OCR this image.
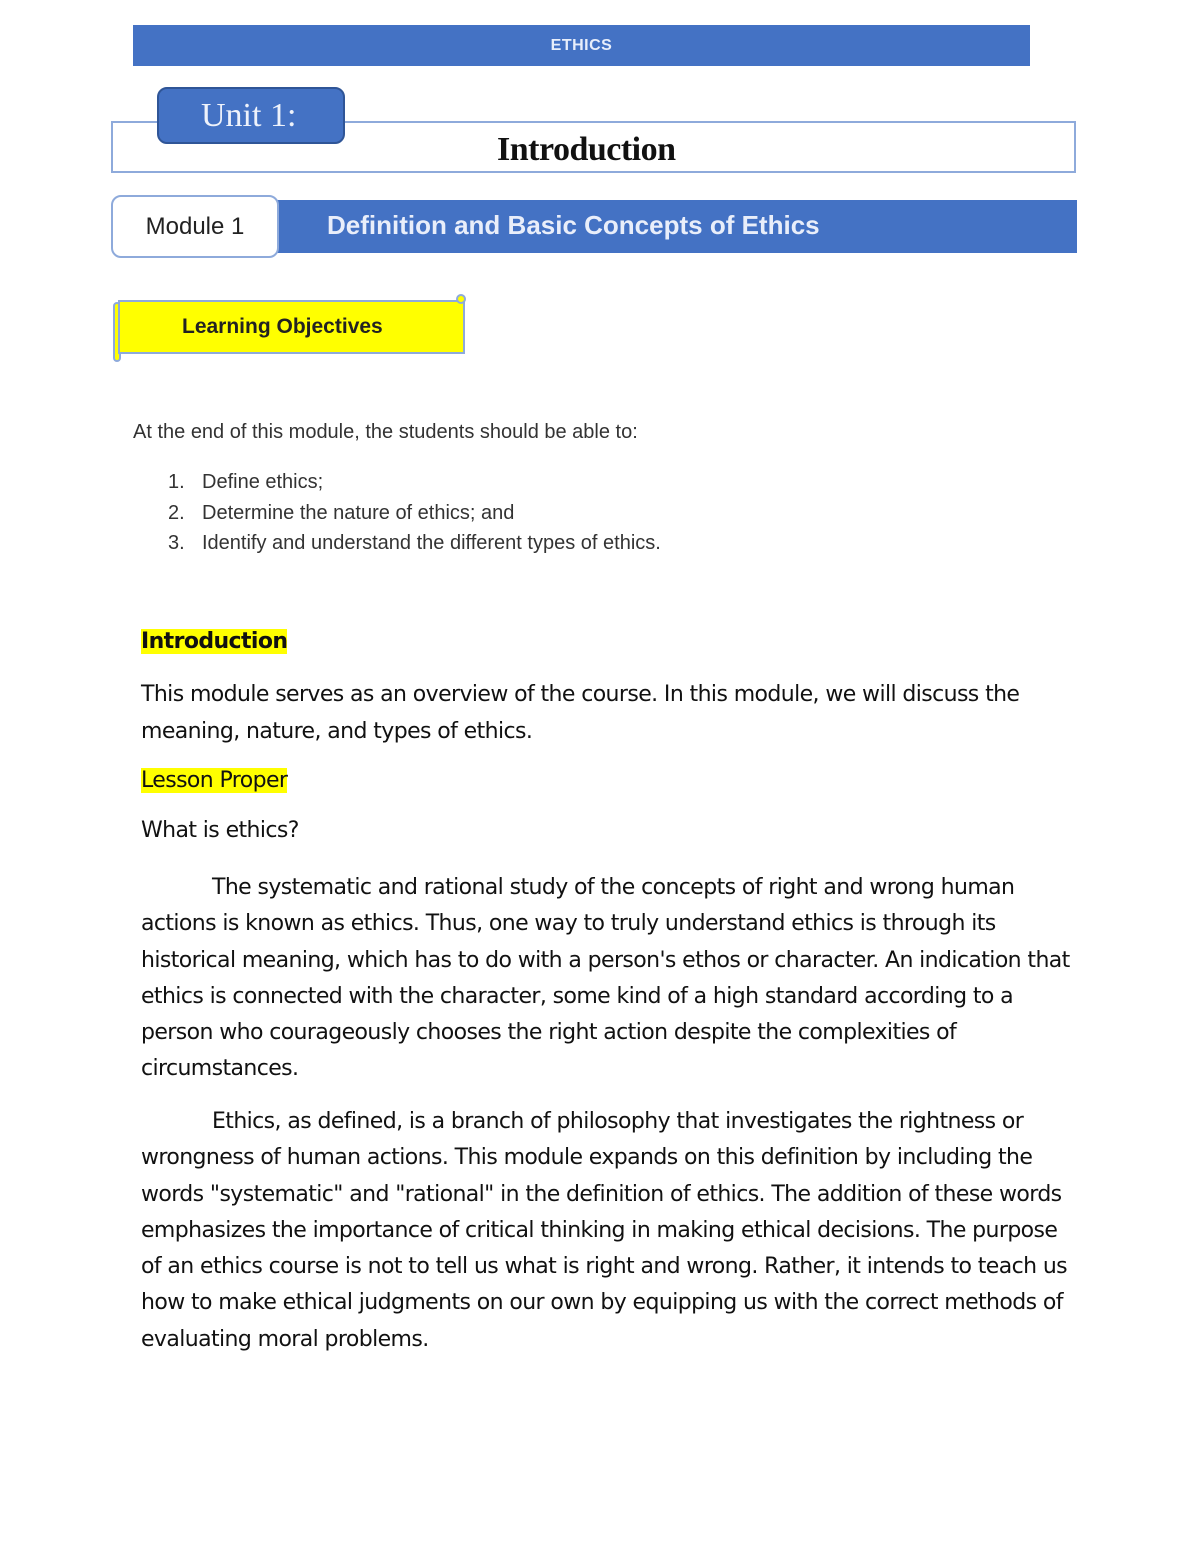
ETHICS
Unit 1:
Introduction
Module 1	Definition and Basic Concepts of Ethics
Learning Objectives
At the end of this module, the students should be able to:
1. Define ethics;
2. Determine the nature of ethics; and
3. Identify and understand the different types of ethics.
Introduction
This module serves as an overview of the course. In this module, we will discuss the meaning, nature, and types of ethics.
Lesson Proper
What is ethics?
The systematic and rational study of the concepts of right and wrong human actions is known as ethics. Thus, one way to truly understand ethics is through its historical meaning, which has to do with a person's ethos or character. An indication that ethics is connected with the character, some kind of a high standard according to a person who courageously chooses the right action despite the complexities of circumstances.
Ethics, as defined, is a branch of philosophy that investigates the rightness or wrongness of human actions. This module expands on this definition by including the words "systematic" and "rational" in the definition of ethics. The addition of these words emphasizes the importance of critical thinking in making ethical decisions. The purpose of an ethics course is not to tell us what is right and wrong. Rather, it intends to teach us how to make ethical judgments on our own by equipping us with the correct methods of evaluating moral problems.
